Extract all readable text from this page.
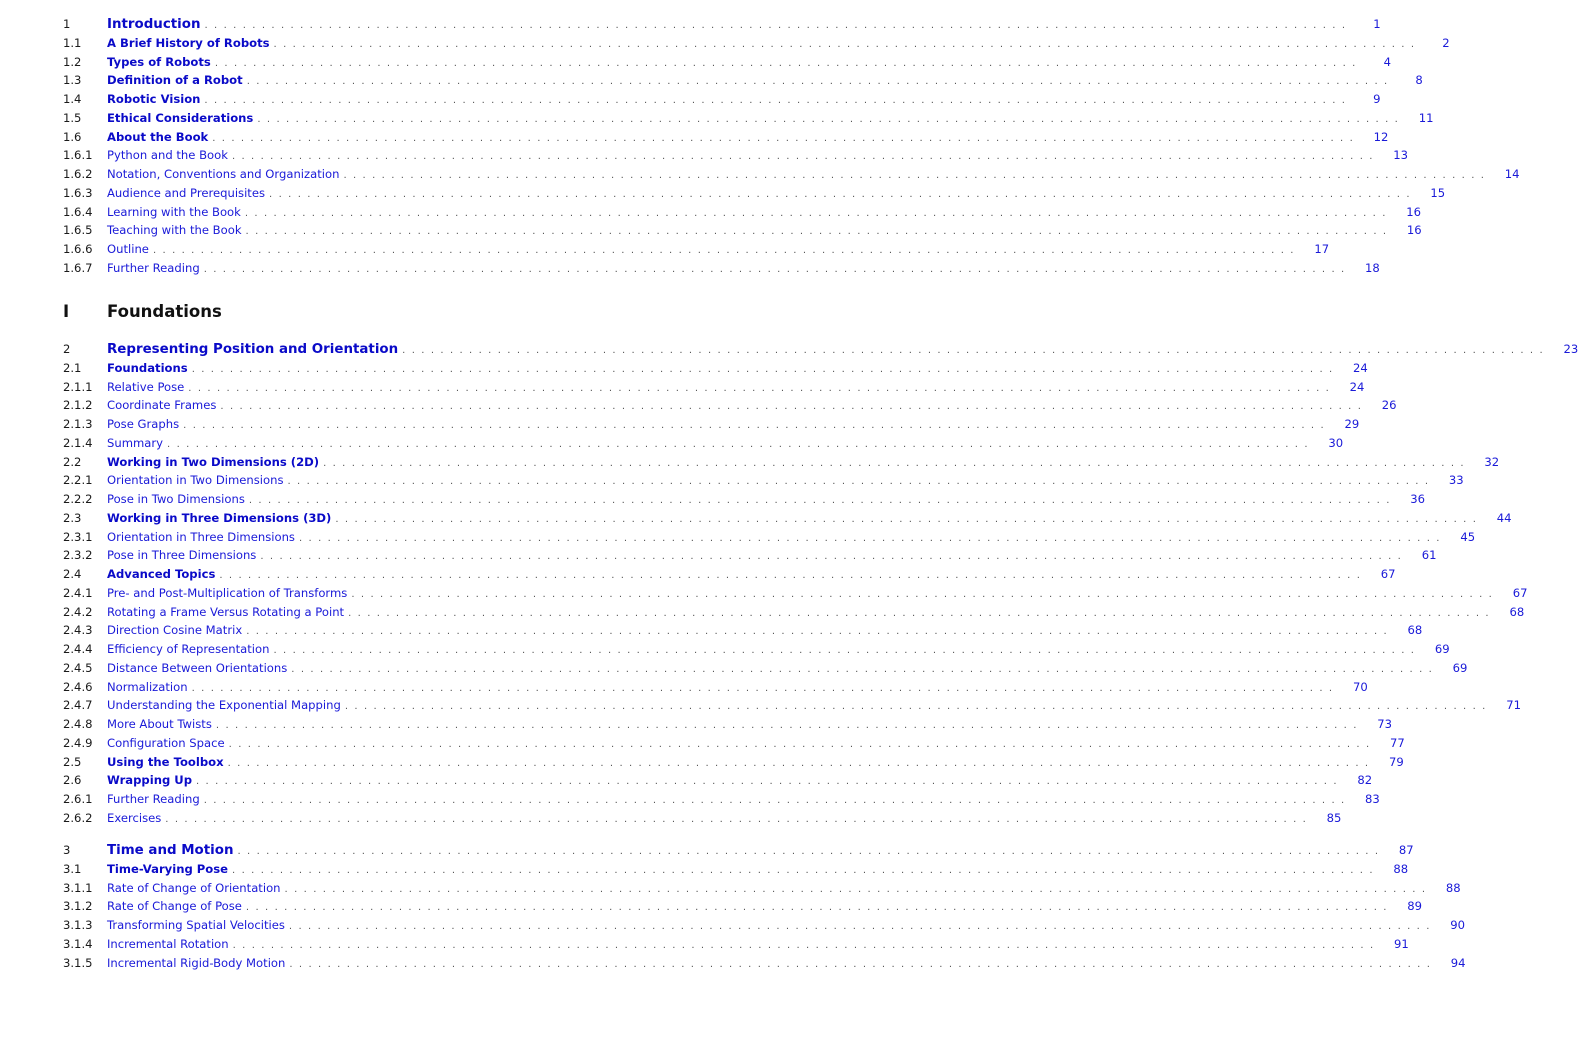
1	Introduction . . . . . . . . . . . . . . . . . . . . . . . . . . . . . . . . . . . . . . . . . . . . . . . . . . . . . . . . . . . . . . . . . . . . . . . . . . . . . . . . . . . . . . . . . . . . . . . . . . . . . . . . . . . . . . . . . . . . . . . .	1
1.1	A Brief History of Robots . . . . . . . . . . . . . . . . . . . . . . . . . . . . . . . . . . . . . . . . . . . . . . . . . . . . . . . . . . . . . . . . . . . . . . . . . . . . . . . . . . . . . . . . . . . . . . . . . . . . . . . . . . . . . . . . . . . . . . . .	2
1.2	Types of Robots . . . . . . . . . . . . . . . . . . . . . . . . . . . . . . . . . . . . . . . . . . . . . . . . . . . . . . . . . . . . . . . . . . . . . . . . . . . . . . . . . . . . . . . . . . . . . . . . . . . . . . . . . . . . . . . . . . . . . . . .	4
1.3	Definition of a Robot . . . . . . . . . . . . . . . . . . . . . . . . . . . . . . . . . . . . . . . . . . . . . . . . . . . . . . . . . . . . . . . . . . . . . . . . . . . . . . . . . . . . . . . . . . . . . . . . . . . . . . . . . . . . . . . . . . . . . . . .	8
1.4	Robotic Vision . . . . . . . . . . . . . . . . . . . . . . . . . . . . . . . . . . . . . . . . . . . . . . . . . . . . . . . . . . . . . . . . . . . . . . . . . . . . . . . . . . . . . . . . . . . . . . . . . . . . . . . . . . . . . . . . . . . . . . . .	9
1.5	Ethical Considerations . . . . . . . . . . . . . . . . . . . . . . . . . . . . . . . . . . . . . . . . . . . . . . . . . . . . . . . . . . . . . . . . . . . . . . . . . . . . . . . . . . . . . . . . . . . . . . . . . . . . . . . . . . . . . . . . . . . . . . . .	11
1.6	About the Book . . . . . . . . . . . . . . . . . . . . . . . . . . . . . . . . . . . . . . . . . . . . . . . . . . . . . . . . . . . . . . . . . . . . . . . . . . . . . . . . . . . . . . . . . . . . . . . . . . . . . . . . . . . . . . . . . . . . . . . .	12
1.6.1	Python and the Book . . . . . . . . . . . . . . . . . . . . . . . . . . . . . . . . . . . . . . . . . . . . . . . . . . . . . . . . . . . . . . . . . . . . . . . . . . . . . . . . . . . . . . . . . . . . . . . . . . . . . . . . . . . . . . . . . . . . . . . .	13
1.6.2	Notation, Conventions and Organization . . . . . . . . . . . . . . . . . . . . . . . . . . . . . . . . . . . . . . . . . . . . . . . . . . . . . . . . . . . . . . . . . . . . . . . . . . . . . . . . . . . . . . . . . . . . . . . . . . . . . . . . . . . . . . . . . . . . . . . .	14
1.6.3	Audience and Prerequisites . . . . . . . . . . . . . . . . . . . . . . . . . . . . . . . . . . . . . . . . . . . . . . . . . . . . . . . . . . . . . . . . . . . . . . . . . . . . . . . . . . . . . . . . . . . . . . . . . . . . . . . . . . . . . . . . . . . . . . . .	15
1.6.4	Learning with the Book . . . . . . . . . . . . . . . . . . . . . . . . . . . . . . . . . . . . . . . . . . . . . . . . . . . . . . . . . . . . . . . . . . . . . . . . . . . . . . . . . . . . . . . . . . . . . . . . . . . . . . . . . . . . . . . . . . . . . . . .	16
1.6.5	Teaching with the Book . . . . . . . . . . . . . . . . . . . . . . . . . . . . . . . . . . . . . . . . . . . . . . . . . . . . . . . . . . . . . . . . . . . . . . . . . . . . . . . . . . . . . . . . . . . . . . . . . . . . . . . . . . . . . . . . . . . . . . . .	16
1.6.6	Outline . . . . . . . . . . . . . . . . . . . . . . . . . . . . . . . . . . . . . . . . . . . . . . . . . . . . . . . . . . . . . . . . . . . . . . . . . . . . . . . . . . . . . . . . . . . . . . . . . . . . . . . . . . . . . . . . . . . . . . . .	17
1.6.7	Further Reading . . . . . . . . . . . . . . . . . . . . . . . . . . . . . . . . . . . . . . . . . . . . . . . . . . . . . . . . . . . . . . . . . . . . . . . . . . . . . . . . . . . . . . . . . . . . . . . . . . . . . . . . . . . . . . . . . . . . . . . .	18
I	Foundations
2	Representing Position and Orientation . . . . . . . . . . . . . . . . . . . . . . . . . . . . . . . . . . . . . . . . . . . . . . . . . . . . . . . . . . . . . . . . . . . . . . . . . . . . . . . . . . . . . . . . . . . . . . . . . . . . . . . . . . . . . . . . . . . . . . . .	23
2.1	Foundations . . . . . . . . . . . . . . . . . . . . . . . . . . . . . . . . . . . . . . . . . . . . . . . . . . . . . . . . . . . . . . . . . . . . . . . . . . . . . . . . . . . . . . . . . . . . . . . . . . . . . . . . . . . . . . . . . . . . . . . .	24
2.1.1	Relative Pose . . . . . . . . . . . . . . . . . . . . . . . . . . . . . . . . . . . . . . . . . . . . . . . . . . . . . . . . . . . . . . . . . . . . . . . . . . . . . . . . . . . . . . . . . . . . . . . . . . . . . . . . . . . . . . . . . . . . . . . .	24
2.1.2	Coordinate Frames . . . . . . . . . . . . . . . . . . . . . . . . . . . . . . . . . . . . . . . . . . . . . . . . . . . . . . . . . . . . . . . . . . . . . . . . . . . . . . . . . . . . . . . . . . . . . . . . . . . . . . . . . . . . . . . . . . . . . . . .	26
2.1.3	Pose Graphs . . . . . . . . . . . . . . . . . . . . . . . . . . . . . . . . . . . . . . . . . . . . . . . . . . . . . . . . . . . . . . . . . . . . . . . . . . . . . . . . . . . . . . . . . . . . . . . . . . . . . . . . . . . . . . . . . . . . . . . .	29
2.1.4	Summary . . . . . . . . . . . . . . . . . . . . . . . . . . . . . . . . . . . . . . . . . . . . . . . . . . . . . . . . . . . . . . . . . . . . . . . . . . . . . . . . . . . . . . . . . . . . . . . . . . . . . . . . . . . . . . . . . . . . . . . .	30
2.2	Working in Two Dimensions (2D) . . . . . . . . . . . . . . . . . . . . . . . . . . . . . . . . . . . . . . . . . . . . . . . . . . . . . . . . . . . . . . . . . . . . . . . . . . . . . . . . . . . . . . . . . . . . . . . . . . . . . . . . . . . . . . . . . . . . . . . .	32
2.2.1	Orientation in Two Dimensions . . . . . . . . . . . . . . . . . . . . . . . . . . . . . . . . . . . . . . . . . . . . . . . . . . . . . . . . . . . . . . . . . . . . . . . . . . . . . . . . . . . . . . . . . . . . . . . . . . . . . . . . . . . . . . . . . . . . . . . .	33
2.2.2	Pose in Two Dimensions . . . . . . . . . . . . . . . . . . . . . . . . . . . . . . . . . . . . . . . . . . . . . . . . . . . . . . . . . . . . . . . . . . . . . . . . . . . . . . . . . . . . . . . . . . . . . . . . . . . . . . . . . . . . . . . . . . . . . . . .	36
2.3	Working in Three Dimensions (3D) . . . . . . . . . . . . . . . . . . . . . . . . . . . . . . . . . . . . . . . . . . . . . . . . . . . . . . . . . . . . . . . . . . . . . . . . . . . . . . . . . . . . . . . . . . . . . . . . . . . . . . . . . . . . . . . . . . . . . . . .	44
2.3.1	Orientation in Three Dimensions . . . . . . . . . . . . . . . . . . . . . . . . . . . . . . . . . . . . . . . . . . . . . . . . . . . . . . . . . . . . . . . . . . . . . . . . . . . . . . . . . . . . . . . . . . . . . . . . . . . . . . . . . . . . . . . . . . . . . . . .	45
2.3.2	Pose in Three Dimensions . . . . . . . . . . . . . . . . . . . . . . . . . . . . . . . . . . . . . . . . . . . . . . . . . . . . . . . . . . . . . . . . . . . . . . . . . . . . . . . . . . . . . . . . . . . . . . . . . . . . . . . . . . . . . . . . . . . . . . . .	61
2.4	Advanced Topics . . . . . . . . . . . . . . . . . . . . . . . . . . . . . . . . . . . . . . . . . . . . . . . . . . . . . . . . . . . . . . . . . . . . . . . . . . . . . . . . . . . . . . . . . . . . . . . . . . . . . . . . . . . . . . . . . . . . . . . .	67
2.4.1	Pre- and Post-Multiplication of Transforms . . . . . . . . . . . . . . . . . . . . . . . . . . . . . . . . . . . . . . . . . . . . . . . . . . . . . . . . . . . . . . . . . . . . . . . . . . . . . . . . . . . . . . . . . . . . . . . . . . . . . . . . . . . . . . . . . . . . . . . .	67
2.4.2	Rotating a Frame Versus Rotating a Point . . . . . . . . . . . . . . . . . . . . . . . . . . . . . . . . . . . . . . . . . . . . . . . . . . . . . . . . . . . . . . . . . . . . . . . . . . . . . . . . . . . . . . . . . . . . . . . . . . . . . . . . . . . . . . . . . . . . . . . .	68
2.4.3	Direction Cosine Matrix . . . . . . . . . . . . . . . . . . . . . . . . . . . . . . . . . . . . . . . . . . . . . . . . . . . . . . . . . . . . . . . . . . . . . . . . . . . . . . . . . . . . . . . . . . . . . . . . . . . . . . . . . . . . . . . . . . . . . . . .	68
2.4.4	Efficiency of Representation . . . . . . . . . . . . . . . . . . . . . . . . . . . . . . . . . . . . . . . . . . . . . . . . . . . . . . . . . . . . . . . . . . . . . . . . . . . . . . . . . . . . . . . . . . . . . . . . . . . . . . . . . . . . . . . . . . . . . . . .	69
2.4.5	Distance Between Orientations . . . . . . . . . . . . . . . . . . . . . . . . . . . . . . . . . . . . . . . . . . . . . . . . . . . . . . . . . . . . . . . . . . . . . . . . . . . . . . . . . . . . . . . . . . . . . . . . . . . . . . . . . . . . . . . . . . . . . . . .	69
2.4.6	Normalization . . . . . . . . . . . . . . . . . . . . . . . . . . . . . . . . . . . . . . . . . . . . . . . . . . . . . . . . . . . . . . . . . . . . . . . . . . . . . . . . . . . . . . . . . . . . . . . . . . . . . . . . . . . . . . . . . . . . . . . .	70
2.4.7	Understanding the Exponential Mapping . . . . . . . . . . . . . . . . . . . . . . . . . . . . . . . . . . . . . . . . . . . . . . . . . . . . . . . . . . . . . . . . . . . . . . . . . . . . . . . . . . . . . . . . . . . . . . . . . . . . . . . . . . . . . . . . . . . . . . . .	71
2.4.8	More About Twists . . . . . . . . . . . . . . . . . . . . . . . . . . . . . . . . . . . . . . . . . . . . . . . . . . . . . . . . . . . . . . . . . . . . . . . . . . . . . . . . . . . . . . . . . . . . . . . . . . . . . . . . . . . . . . . . . . . . . . . .	73
2.4.9	Configuration Space . . . . . . . . . . . . . . . . . . . . . . . . . . . . . . . . . . . . . . . . . . . . . . . . . . . . . . . . . . . . . . . . . . . . . . . . . . . . . . . . . . . . . . . . . . . . . . . . . . . . . . . . . . . . . . . . . . . . . . . .	77
2.5	Using the Toolbox . . . . . . . . . . . . . . . . . . . . . . . . . . . . . . . . . . . . . . . . . . . . . . . . . . . . . . . . . . . . . . . . . . . . . . . . . . . . . . . . . . . . . . . . . . . . . . . . . . . . . . . . . . . . . . . . . . . . . . . .	79
2.6	Wrapping Up . . . . . . . . . . . . . . . . . . . . . . . . . . . . . . . . . . . . . . . . . . . . . . . . . . . . . . . . . . . . . . . . . . . . . . . . . . . . . . . . . . . . . . . . . . . . . . . . . . . . . . . . . . . . . . . . . . . . . . . .	82
2.6.1	Further Reading . . . . . . . . . . . . . . . . . . . . . . . . . . . . . . . . . . . . . . . . . . . . . . . . . . . . . . . . . . . . . . . . . . . . . . . . . . . . . . . . . . . . . . . . . . . . . . . . . . . . . . . . . . . . . . . . . . . . . . . .	83
2.6.2	Exercises . . . . . . . . . . . . . . . . . . . . . . . . . . . . . . . . . . . . . . . . . . . . . . . . . . . . . . . . . . . . . . . . . . . . . . . . . . . . . . . . . . . . . . . . . . . . . . . . . . . . . . . . . . . . . . . . . . . . . . . .	85
3	Time and Motion . . . . . . . . . . . . . . . . . . . . . . . . . . . . . . . . . . . . . . . . . . . . . . . . . . . . . . . . . . . . . . . . . . . . . . . . . . . . . . . . . . . . . . . . . . . . . . . . . . . . . . . . . . . . . . . . . . . . . . . .	87
3.1	Time-Varying Pose . . . . . . . . . . . . . . . . . . . . . . . . . . . . . . . . . . . . . . . . . . . . . . . . . . . . . . . . . . . . . . . . . . . . . . . . . . . . . . . . . . . . . . . . . . . . . . . . . . . . . . . . . . . . . . . . . . . . . . . .	88
3.1.1	Rate of Change of Orientation . . . . . . . . . . . . . . . . . . . . . . . . . . . . . . . . . . . . . . . . . . . . . . . . . . . . . . . . . . . . . . . . . . . . . . . . . . . . . . . . . . . . . . . . . . . . . . . . . . . . . . . . . . . . . . . . . . . . . . . .	88
3.1.2	Rate of Change of Pose . . . . . . . . . . . . . . . . . . . . . . . . . . . . . . . . . . . . . . . . . . . . . . . . . . . . . . . . . . . . . . . . . . . . . . . . . . . . . . . . . . . . . . . . . . . . . . . . . . . . . . . . . . . . . . . . . . . . . . . .	89
3.1.3	Transforming Spatial Velocities . . . . . . . . . . . . . . . . . . . . . . . . . . . . . . . . . . . . . . . . . . . . . . . . . . . . . . . . . . . . . . . . . . . . . . . . . . . . . . . . . . . . . . . . . . . . . . . . . . . . . . . . . . . . . . . . . . . . . . . .	90
3.1.4	Incremental Rotation . . . . . . . . . . . . . . . . . . . . . . . . . . . . . . . . . . . . . . . . . . . . . . . . . . . . . . . . . . . . . . . . . . . . . . . . . . . . . . . . . . . . . . . . . . . . . . . . . . . . . . . . . . . . . . . . . . . . . . . .	91
3.1.5	Incremental Rigid-Body Motion . . . . . . . . . . . . . . . . . . . . . . . . . . . . . . . . . . . . . . . . . . . . . . . . . . . . . . . . . . . . . . . . . . . . . . . . . . . . . . . . . . . . . . . . . . . . . . . . . . . . . . . . . . . . . . . . . . . . . . . .	94
